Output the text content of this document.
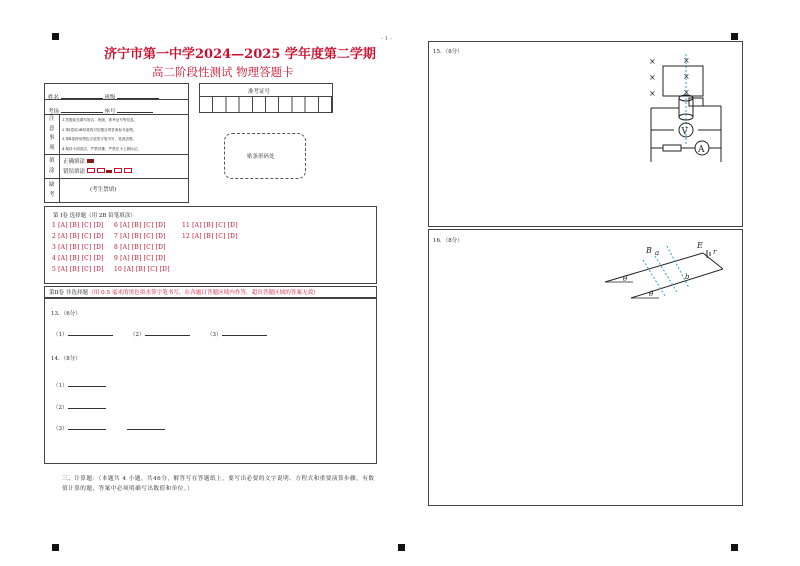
- 1 -
济宁市第一中学2024—2025 学年度第二学期
高二阶段性测试 物理答题卡
姓名	班级
考场	座号
注
意
事
项
1.答题前先填写姓名、班级、准考证号等信息。
2.第Ⅰ卷用2B铅笔将对应题目的答案标号涂黑。
3.第Ⅱ卷使用黑色字迹签字笔书写，笔迹清楚。
4.保持卡面清洁，严禁折叠，严禁在卡上做标记。
填
涂
正确填涂
错误填涂
缺
考
(考生禁填)
准考证号
贴条形码处
第 Ⅰ卷 选择题（用 2B 铅笔填涂）
1 [A] [B] [C] [D] 6 [A] [B] [C] [D]	11 [A] [B] [C] [D]
2 [A] [B] [C] [D] 7 [A] [B] [C] [D]	12 [A] [B] [C] [D]
3 [A] [B] [C] [D] 8 [A] [B] [C] [D]
4 [A] [B] [C] [D] 9 [A] [B] [C] [D]
5 [A] [B] [C] [D] 10 [A] [B] [C] [D]
第Ⅱ卷 非选择题（用 0.5 毫米的黑色墨水签字笔书写，在各题目答题区域内作答，超出答题区域的答案无效）
13．（6分）
（1）	（2）	（3）
14．（8分）
（1）
（2）
（3）
三、计算题：（本题共 4 小题，共46分，解答写在答题纸上，要写出必要的文字说明、方程式和重要演算步骤，有数值计算的题，答案中必须明确写出数值和单位。）
15．（8分）
×
×
×
×
×
×
V
A
16．（8分）
B a
E
r
b
θ
θ
